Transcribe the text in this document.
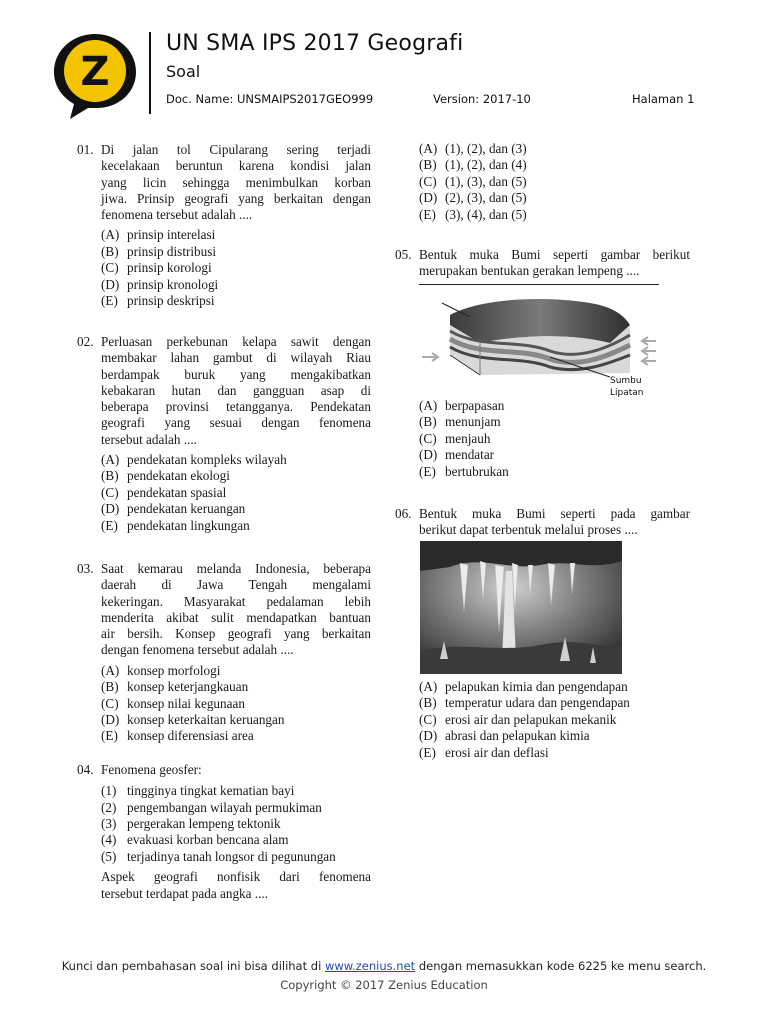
Z
UN SMA IPS 2017 Geografi
Soal
Doc. Name: UNSMAIPS2017GEO999	Version: 2017-10	Halaman 1
01. Di jalan tol Cipularang sering terjadi
kecelakaan beruntun karena kondisi jalan
yang licin sehingga menimbulkan korban
jiwa. Prinsip geografi yang berkaitan dengan
fenomena tersebut adalah ....
(A) prinsip interelasi
(B) prinsip distribusi
(C) prinsip korologi
(D) prinsip kronologi
(E) prinsip deskripsi
02. Perluasan perkebunan kelapa sawit dengan
membakar lahan gambut di wilayah Riau
berdampak buruk yang mengakibatkan
kebakaran hutan dan gangguan asap di
beberapa provinsi tetangganya. Pendekatan
geografi yang sesuai dengan fenomena
tersebut adalah ....
(A) pendekatan kompleks wilayah
(B) pendekatan ekologi
(C) pendekatan spasial
(D) pendekatan keruangan
(E) pendekatan lingkungan
03. Saat kemarau melanda Indonesia, beberapa
daerah di Jawa Tengah mengalami
kekeringan. Masyarakat pedalaman lebih
menderita akibat sulit mendapatkan bantuan
air bersih. Konsep geografi yang berkaitan
dengan fenomena tersebut adalah ....
(A) konsep morfologi
(B) konsep keterjangkauan
(C) konsep nilai kegunaan
(D) konsep keterkaitan keruangan
(E) konsep diferensiasi area
04. Fenomena geosfer:
(1) tingginya tingkat kematian bayi
(2) pengembangan wilayah permukiman
(3) pergerakan lempeng tektonik
(4) evakuasi korban bencana alam
(5) terjadinya tanah longsor di pegunungan
Aspek geografi nonfisik dari fenomena
tersebut terdapat pada angka ....
(A) (1), (2), dan (3)
(B) (1), (2), dan (4)
(C) (1), (3), dan (5)
(D) (2), (3), dan (5)
(E) (3), (4), dan (5)
05. Bentuk muka Bumi seperti gambar berikut
merupakan bentukan gerakan lempeng ....
Sumbu
Lipatan
(A) berpapasan
(B) menunjam
(C) menjauh
(D) mendatar
(E) bertubrukan
06. Bentuk muka Bumi seperti pada gambar
berikut dapat terbentuk melalui proses ....
(A) pelapukan kimia dan pengendapan
(B) temperatur udara dan pengendapan
(C) erosi air dan pelapukan mekanik
(D) abrasi dan pelapukan kimia
(E) erosi air dan deflasi
Kunci dan pembahasan soal ini bisa dilihat di www.zenius.net dengan memasukkan kode 6225 ke menu search.
Copyright © 2017 Zenius Education
